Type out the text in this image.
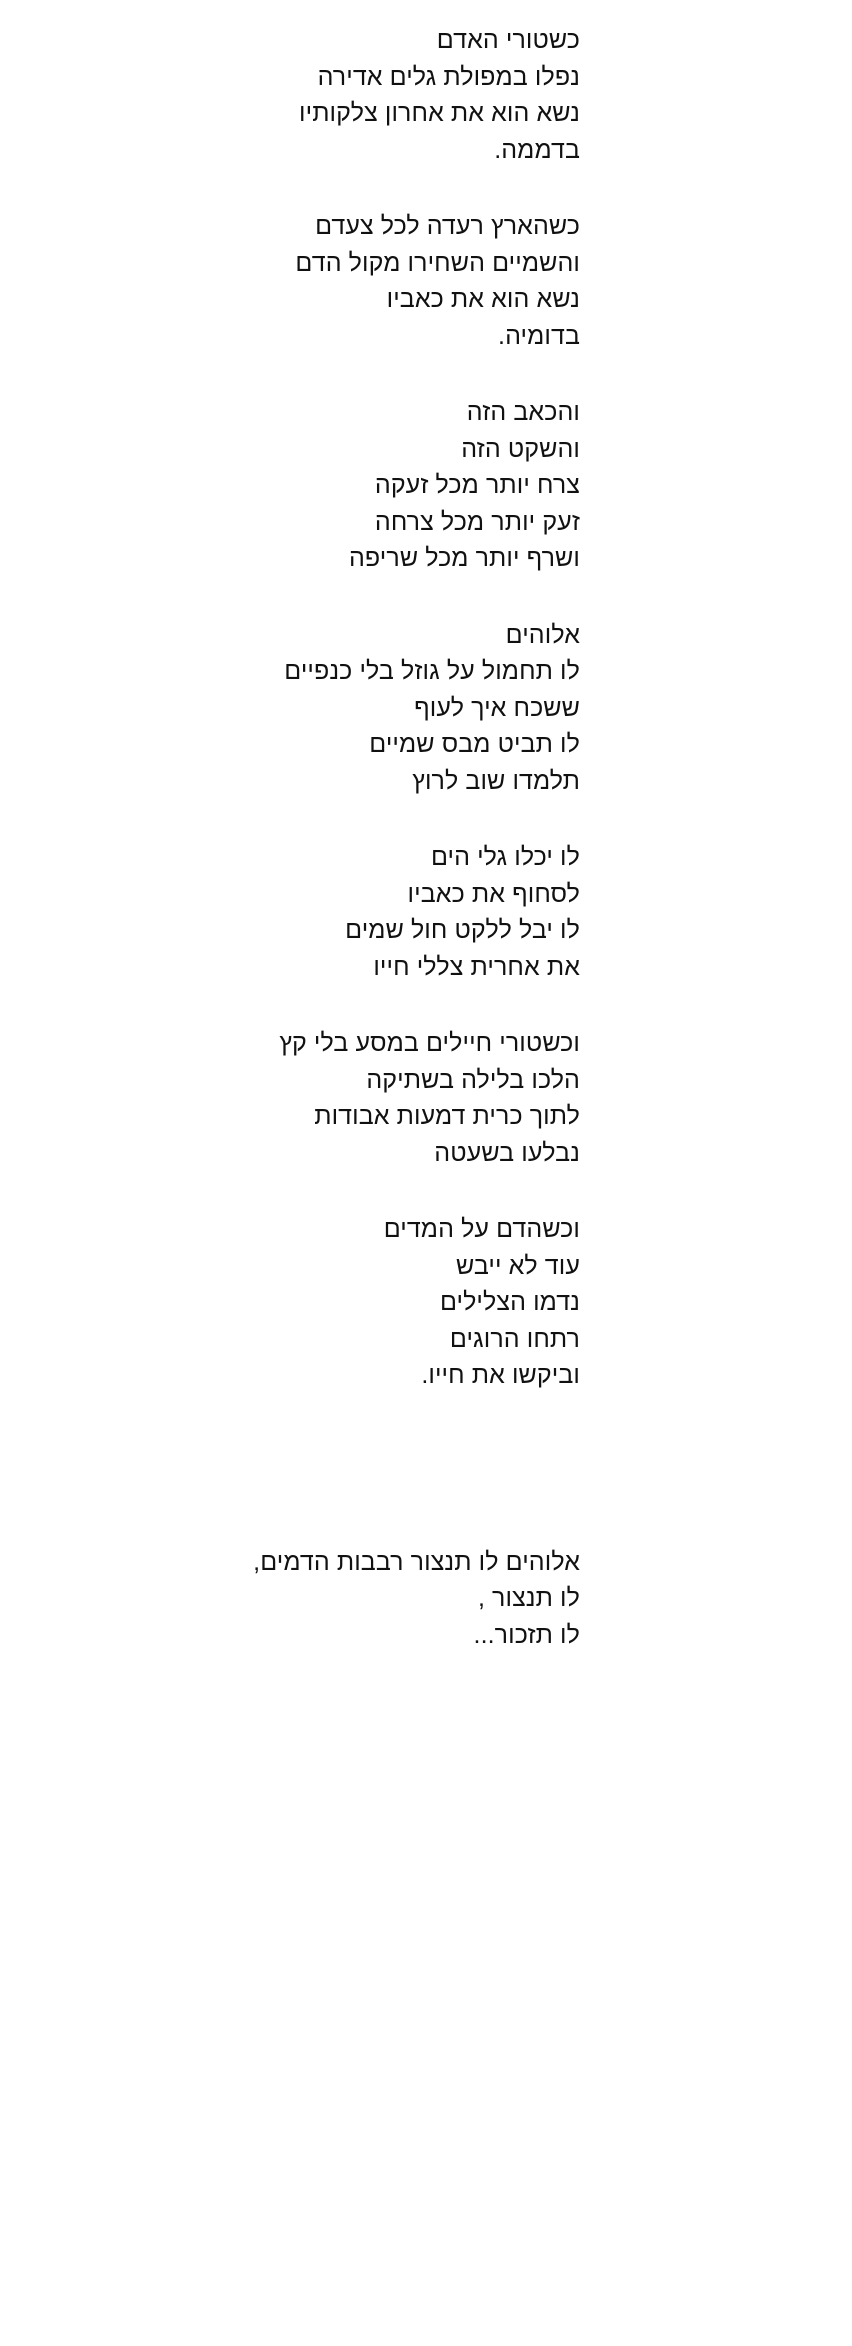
כשטורי האדם
נפלו במפולת גלים אדירה
נשא הוא את אחרון צלקותיו
בדממה.
כשהארץ רעדה לכל צעדם
והשמיים השחירו מקול הדם
נשא הוא את כאביו
בדומיה.
והכאב הזה
והשקט הזה
צרח יותר מכל זעקה
זעק יותר מכל צרחה
ושרף יותר מכל שריפה
אלוהים
לו תחמול על גוזל בלי כנפיים
ששכח איך לעוף
לו תביט מבס שמיים
תלמדו שוב לרוץ
לו יכלו גלי הים
לסחוף את כאביו
לו יבל ללקט חול שמים
את אחרית צללי חייו
וכשטורי חיילים במסע בלי קץ
הלכו בלילה בשתיקה
לתוך כרית דמעות אבודות
נבלעו בשעטה
וכשהדם על המדים
עוד לא ייבש
נדמו הצלילים
רתחו הרוגים
וביקשו את חייו.
אלוהים לו תנצור רבבות הדמים,
לו תנצור ,
לו תזכור...
